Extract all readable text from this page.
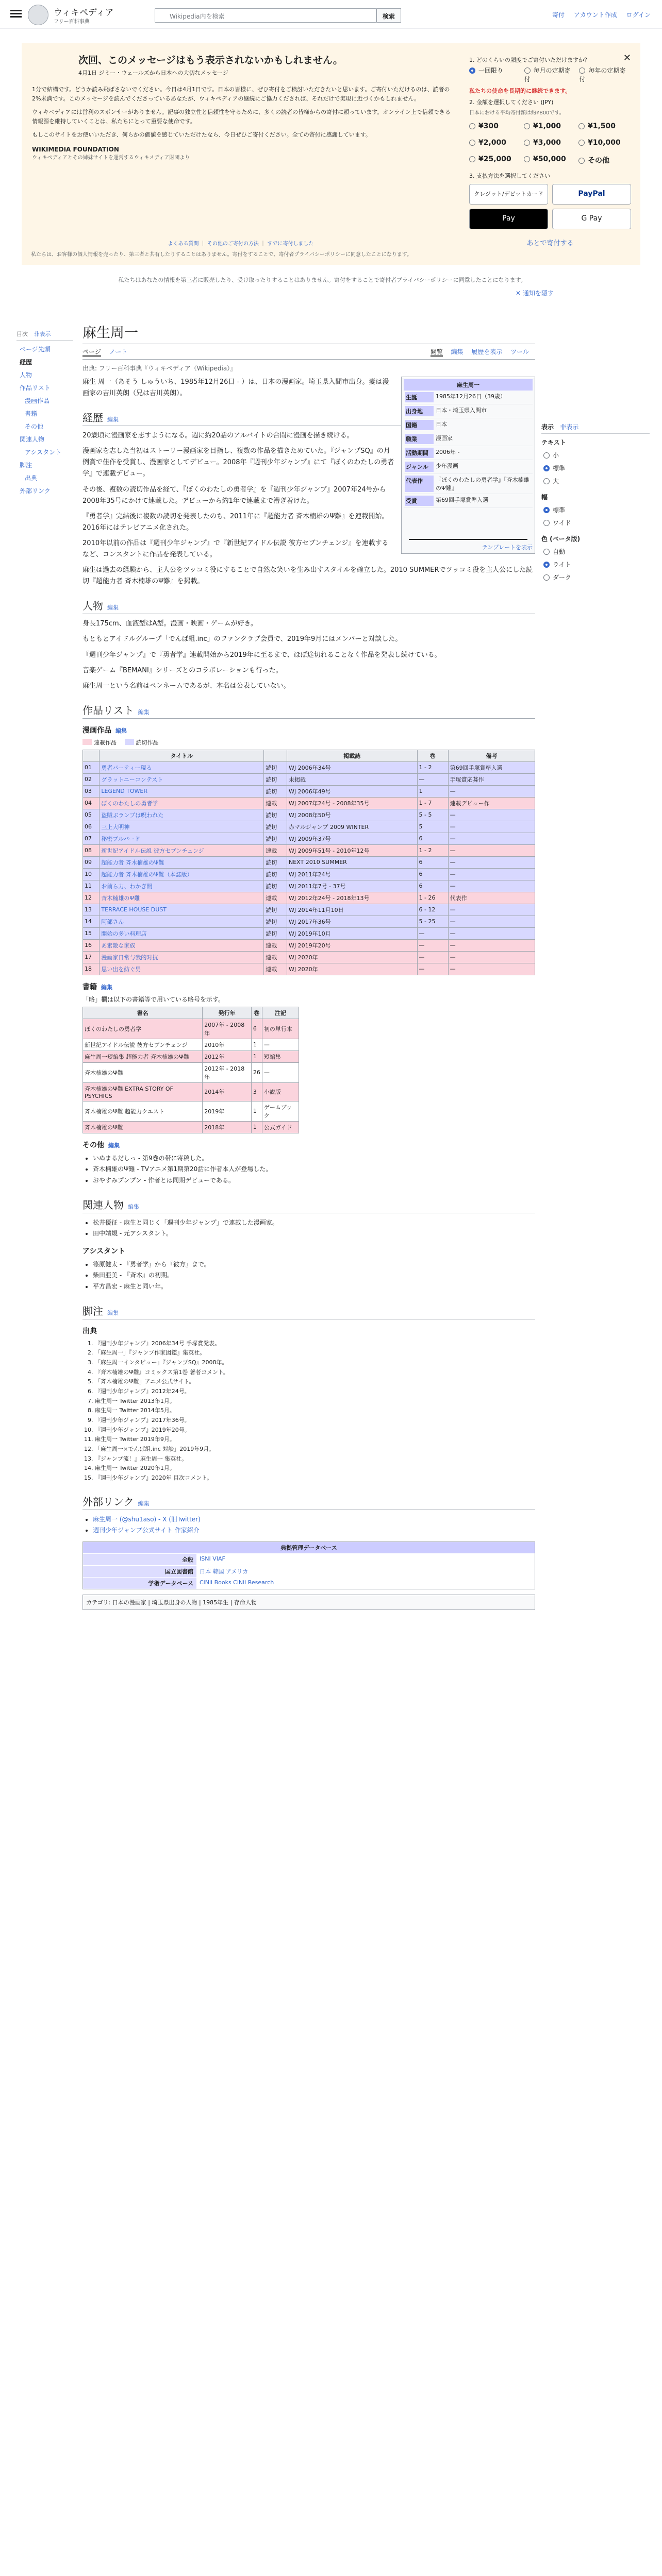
ウィキペディア
フリー百科事典
Wikipedia内を検索	検索	寄付 アカウント作成 ログイン
次回、このメッセージはもう表示されないかもしれません。
4月1日 ジミー・ウェールズから日本への大切なメッセージ
1分で結構です。どうか読み飛ばさないでください。今日は4月1日です。日本の皆様に、ぜひ寄付をご検討いただきたいと思います。ご寄付いただけるのは、読者の2%未満です。このメッセージを読んでくださっているあなたが、ウィキペディアの継続にご協力くだされば、それだけで実現に近づくかもしれません。
ウィキペディアには営利のスポンサーがありません。記事の独立性と信頼性を守るために、多くの読者の皆様からの寄付に頼っています。オンライン上で信頼できる情報源を維持していくことは、私たちにとって重要な使命です。
もしこのサイトをお使いいただき、何らかの価値を感じていただけたなら、今日ぜひご寄付ください。全ての寄付に感謝しています。
WIKIMEDIA FOUNDATION
ウィキペディアとその姉妹サイトを運営するウィキメディア財団より
よくある質問 ｜ その他のご寄付の方法 ｜ すでに寄付しました
私たちは、お客様の個人情報を売ったり、第三者と共有したりすることはありません。寄付をすることで、寄付者プライバシーポリシーに同意したことになります。
✕
1. どのくらいの頻度でご寄付いただけますか？
一回限り	毎月の定期寄付
毎年の定期寄付
私たちの使命を長期的に継続できます。
2. 金額を選択してください (JPY)
日本における平均寄付額は約¥800です。
¥300	¥1,000	¥1,500
¥2,000	¥3,000	¥10,000
¥25,000	¥50,000	その他
3. 支払方法を選択してください
クレジット/デビットカード	PayPal
Pay	G Pay
あとで寄付する
私たちはあなたの情報を第三者に販売したり、受け取ったりすることはありません。寄付をすることで寄付者プライバシーポリシーに同意したことになります。
✕ 通知を隠す
目次 非表示
ページ先頭
経歴
人物
作品リスト
漫画作品
書籍
その他
関連人物
アシスタント
脚注
出典
外部リンク
麻生周一
ページ ノート	閲覧 編集 履歴を表示 ツール
出典: フリー百科事典『ウィキペディア（Wikipedia）』
麻生周一
生誕	1985年12月26日（39歳）
出身地	日本・埼玉県入間市
国籍	日本
職業	漫画家
活動期間	2006年 -
ジャンル	少年漫画
代表作	『ぼくのわたしの勇者学』『斉木楠雄のΨ難』
受賞	第69回手塚賞準入選
テンプレートを表示

麻生 周一（あそう しゅういち、1985年12月26日 - ）は、日本の漫画家。埼玉県入間市出身。妻は漫画家の吉川英朗（兄は吉川英朗）。

経歴 編集

20歳頃に漫画家を志すようになる。週に約20話のアルバイトの合間に漫画を描き続ける。

漫画家を志した当初はストーリー漫画家を目指し、複数の作品を描きためていた。『ジャンプSQ』の月例賞で佳作を受賞し、漫画家としてデビュー。2008年『週刊少年ジャンプ』にて『ぼくのわたしの勇者学』で連載デビュー。

その後、複数の読切作品を経て、『ぼくのわたしの勇者学』を『週刊少年ジャンプ』2007年24号から2008年35号にかけて連載した。デビューから約1年で連載まで漕ぎ着けた。

『勇者学』完結後に複数の読切を発表したのち、2011年に『超能力者 斉木楠雄のΨ難』を連載開始。2016年にはテレビアニメ化された。

2010年以前の作品は『週刊少年ジャンプ』で『新世紀アイドル伝説 彼方セブンチェンジ』を連載するなど、コンスタントに作品を発表している。

麻生は過去の経験から、主人公をツッコミ役にすることで自然な笑いを生み出すスタイルを確立した。2010 SUMMERでツッコミ役を主人公にした読切『超能力者 斉木楠雄のΨ難』を掲載。

人物 編集

身長175cm、血液型はA型。漫画・映画・ゲームが好き。

もともとアイドルグループ「でんぱ組.inc」のファンクラブ会員で、2019年9月にはメンバーと対談した。

『週刊少年ジャンプ』で『勇者学』連載開始から2019年に至るまで、ほぼ途切れることなく作品を発表し続けている。

音楽ゲーム『BEMANI』シリーズとのコラボレーションも行った。

麻生周一という名前はペンネームであるが、本名は公表していない。

作品リスト 編集
漫画作品 編集
連載作品	読切作品
	タイトル		掲載誌	巻	備考
01	勇者パーティー現る	読切	WJ 2006年34号	1 - 2	第69回手塚賞準入選
02	グラットニーコンテスト	読切	未掲載	—	手塚賞応募作
03	LEGEND TOWER	読切	WJ 2006年49号	1	—
04	ぼくのわたしの勇者学	連載	WJ 2007年24号 - 2008年35号	1 - 7	連載デビュー作
05	盗賊ぶランプは呪われた	読切	WJ 2008年50号	5 - 5	—
06	三上大明神	読切	赤マルジャンプ 2009 WINTER	5	—
07	秘密ブルバード	読切	WJ 2009年37号	6	—
08	新世紀アイドル伝説 彼方セブンチェンジ	連載	WJ 2009年51号 - 2010年12号	1 - 2	—
09	超能力者 斉木楠雄のΨ難	読切	NEXT 2010 SUMMER	6	—
10	超能力者 斉木楠雄のΨ難（本誌版）	読切	WJ 2011年24号	6	—
11	お前ら力、わかぎ開	読切	WJ 2011年7号 - 37号	6	—
12	斉木楠雄のΨ難	連載	WJ 2012年24号 - 2018年13号	1 - 26	代表作
13	TERRACE HOUSE DUST	読切	WJ 2014年11月10日	6 - 12	—
14	阿部さん	読切	WJ 2017年36号	5 - 25	—
15	開始の多い料理店	読切	WJ 2019年10月	—	—
16	あ素敵な家族	連載	WJ 2019年20号	—	—
17	漫画家日常与我的对抗	連載	WJ 2020年	—	—
18	思い出を紡ぐ男	連載	WJ 2020年	—	—
書籍 編集
「略」欄は以下の書籍等で用いている略号を示す。
書名	発行年	巻	注記
ぼくのわたしの勇者学	2007年 - 2008年	6	初の単行本
新世紀アイドル伝説 彼方セブンチェンジ	2010年	1	—
麻生周一短編集 超能力者 斉木楠雄のΨ難	2012年	1	短編集
斉木楠雄のΨ難	2012年 - 2018年	26	—
斉木楠雄のΨ難 EXTRA STORY OF PSYCHICS	2014年	3	小説版
斉木楠雄のΨ難 超能力クエスト	2019年	1	ゲームブック
斉木楠雄のΨ難	2018年	1	公式ガイド
その他 編集
• いぬまるだしっ - 第9巻の帯に寄稿した。
• 斉木楠雄のΨ難 - TVアニメ第1期第20話に作者本人が登場した。
• おやすみプンプン - 作者とは同期デビューである。
関連人物 編集
• 松井優征 - 麻生と同じく「週刊少年ジャンプ」で連載した漫画家。
• 田中靖規 - 元アシスタント。
アシスタント
• 篠原健太 - 『勇者学』から『彼方』まで。
• 柴田亜美 - 『斉木』の初期。
• 平方昌宏 - 麻生と同い年。
脚注 編集
出典
1. 『週刊少年ジャンプ』2006年34号 手塚賞発表。
2. 「麻生周一」『ジャンプ作家図鑑』集英社。
3. 「麻生周一インタビュー」『ジャンプSQ』2008年。
4. 『斉木楠雄のΨ難』コミックス第1巻 著者コメント。
5. 「斉木楠雄のΨ難」アニメ公式サイト。
6. 『週刊少年ジャンプ』2012年24号。
7. 麻生周一 Twitter 2013年1月。
8. 麻生周一 Twitter 2014年5月。
9. 『週刊少年ジャンプ』2017年36号。
10. 『週刊少年ジャンプ』2019年20号。
11. 麻生周一 Twitter 2019年9月。
12. 「麻生周一×でんぱ組.inc 対談」2019年9月。
13. 『ジャンプ流！』麻生周一 集英社。
14. 麻生周一 Twitter 2020年1月。
15. 『週刊少年ジャンプ』2020年 目次コメント。
外部リンク 編集
• 麻生周一 (@shu1aso) - X (旧Twitter)
• 週刊少年ジャンプ公式サイト 作家紹介
典拠管理データベース
全般	ISNI VIAF
国立図書館	日本 韓国 アメリカ
学術データベース	CiNii Books CiNii Research
カテゴリ: 日本の漫画家 | 埼玉県出身の人物 | 1985年生 | 存命人物
表示 非表示
テキスト
小
標準
大
幅
標準
ワイド
色 (ベータ版)
自動
ライト
ダーク
